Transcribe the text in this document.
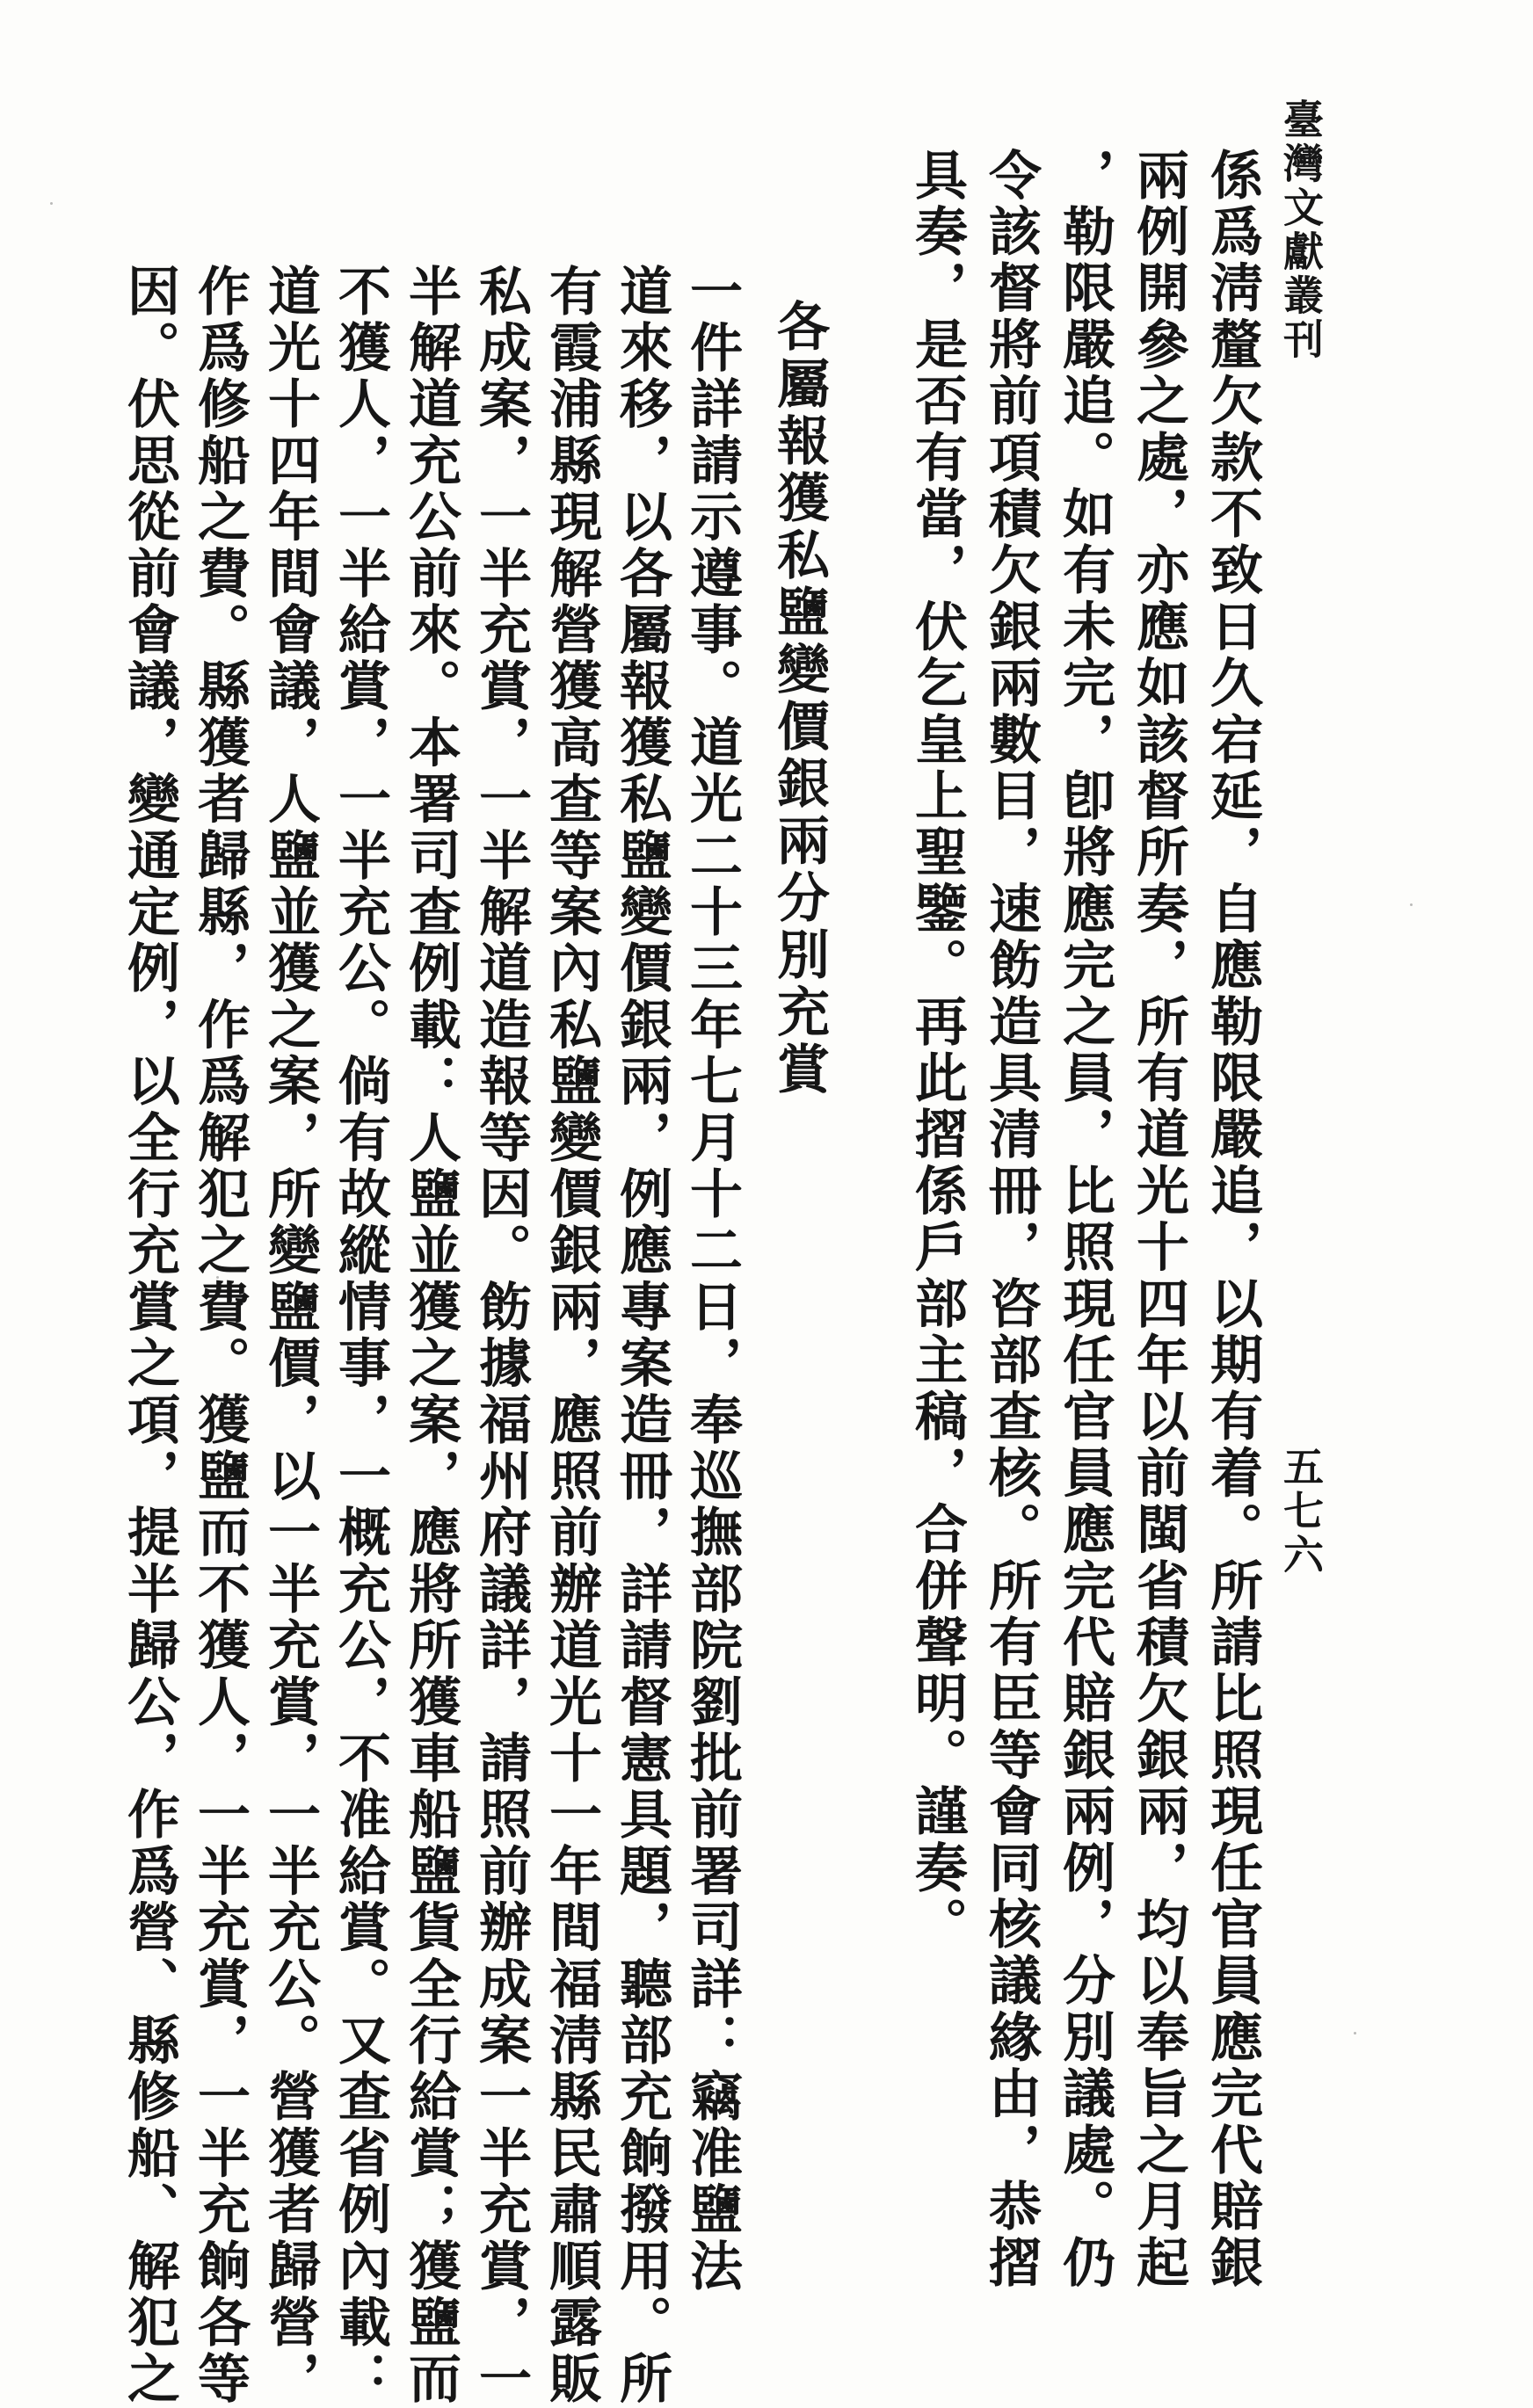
臺灣文獻叢刊
五七六
係爲淸釐欠款不致日久宕延，自應勒限嚴追，以期有着。所請比照現任官員應完代賠銀
兩例開參之處，亦應如該督所奏，所有道光十四年以前閩省積欠銀兩，均以奉旨之月起
，勒限嚴追。如有未完，卽將應完之員，比照現任官員應完代賠銀兩例，分別議處。仍
令該督將前項積欠銀兩數目，速飭造具清冊，咨部查核。所有臣等會同核議緣由，恭摺
具奏，是否有當，伏乞皇上聖鑒。再此摺係戶部主稿，合併聲明。謹奏。
各屬報獲私鹽變價銀兩分別充賞
一件詳請示遵事。道光二十三年七月十二日，奉巡撫部院劉批前署司詳：竊准鹽法
道來移，以各屬報獲私鹽變價銀兩，例應專案造冊，詳請督憲具題，聽部充餉撥用。所
有霞浦縣現解營獲高查等案內私鹽變價銀兩，應照前辦道光十一年間福淸縣民肅順露販
私成案，一半充賞，一半解道造報等因。飭據福州府議詳，請照前辦成案一半充賞，一
半解道充公前來。本署司查例載：人鹽並獲之案，應將所獲車船鹽貨全行給賞；獲鹽而
不獲人，一半給賞，一半充公。倘有故縱情事，一概充公，不准給賞。又查省例內載：
道光十四年間會議，人鹽並獲之案，所變鹽價，以一半充賞，一半充公。營獲者歸營，
作爲修船之費。縣獲者歸縣，作爲解犯之費。獲鹽而不獲人，一半充賞，一半充餉各等
因。伏思從前會議，變通定例，以全行充賞之項，提半歸公，作爲營、縣修船、解犯之
